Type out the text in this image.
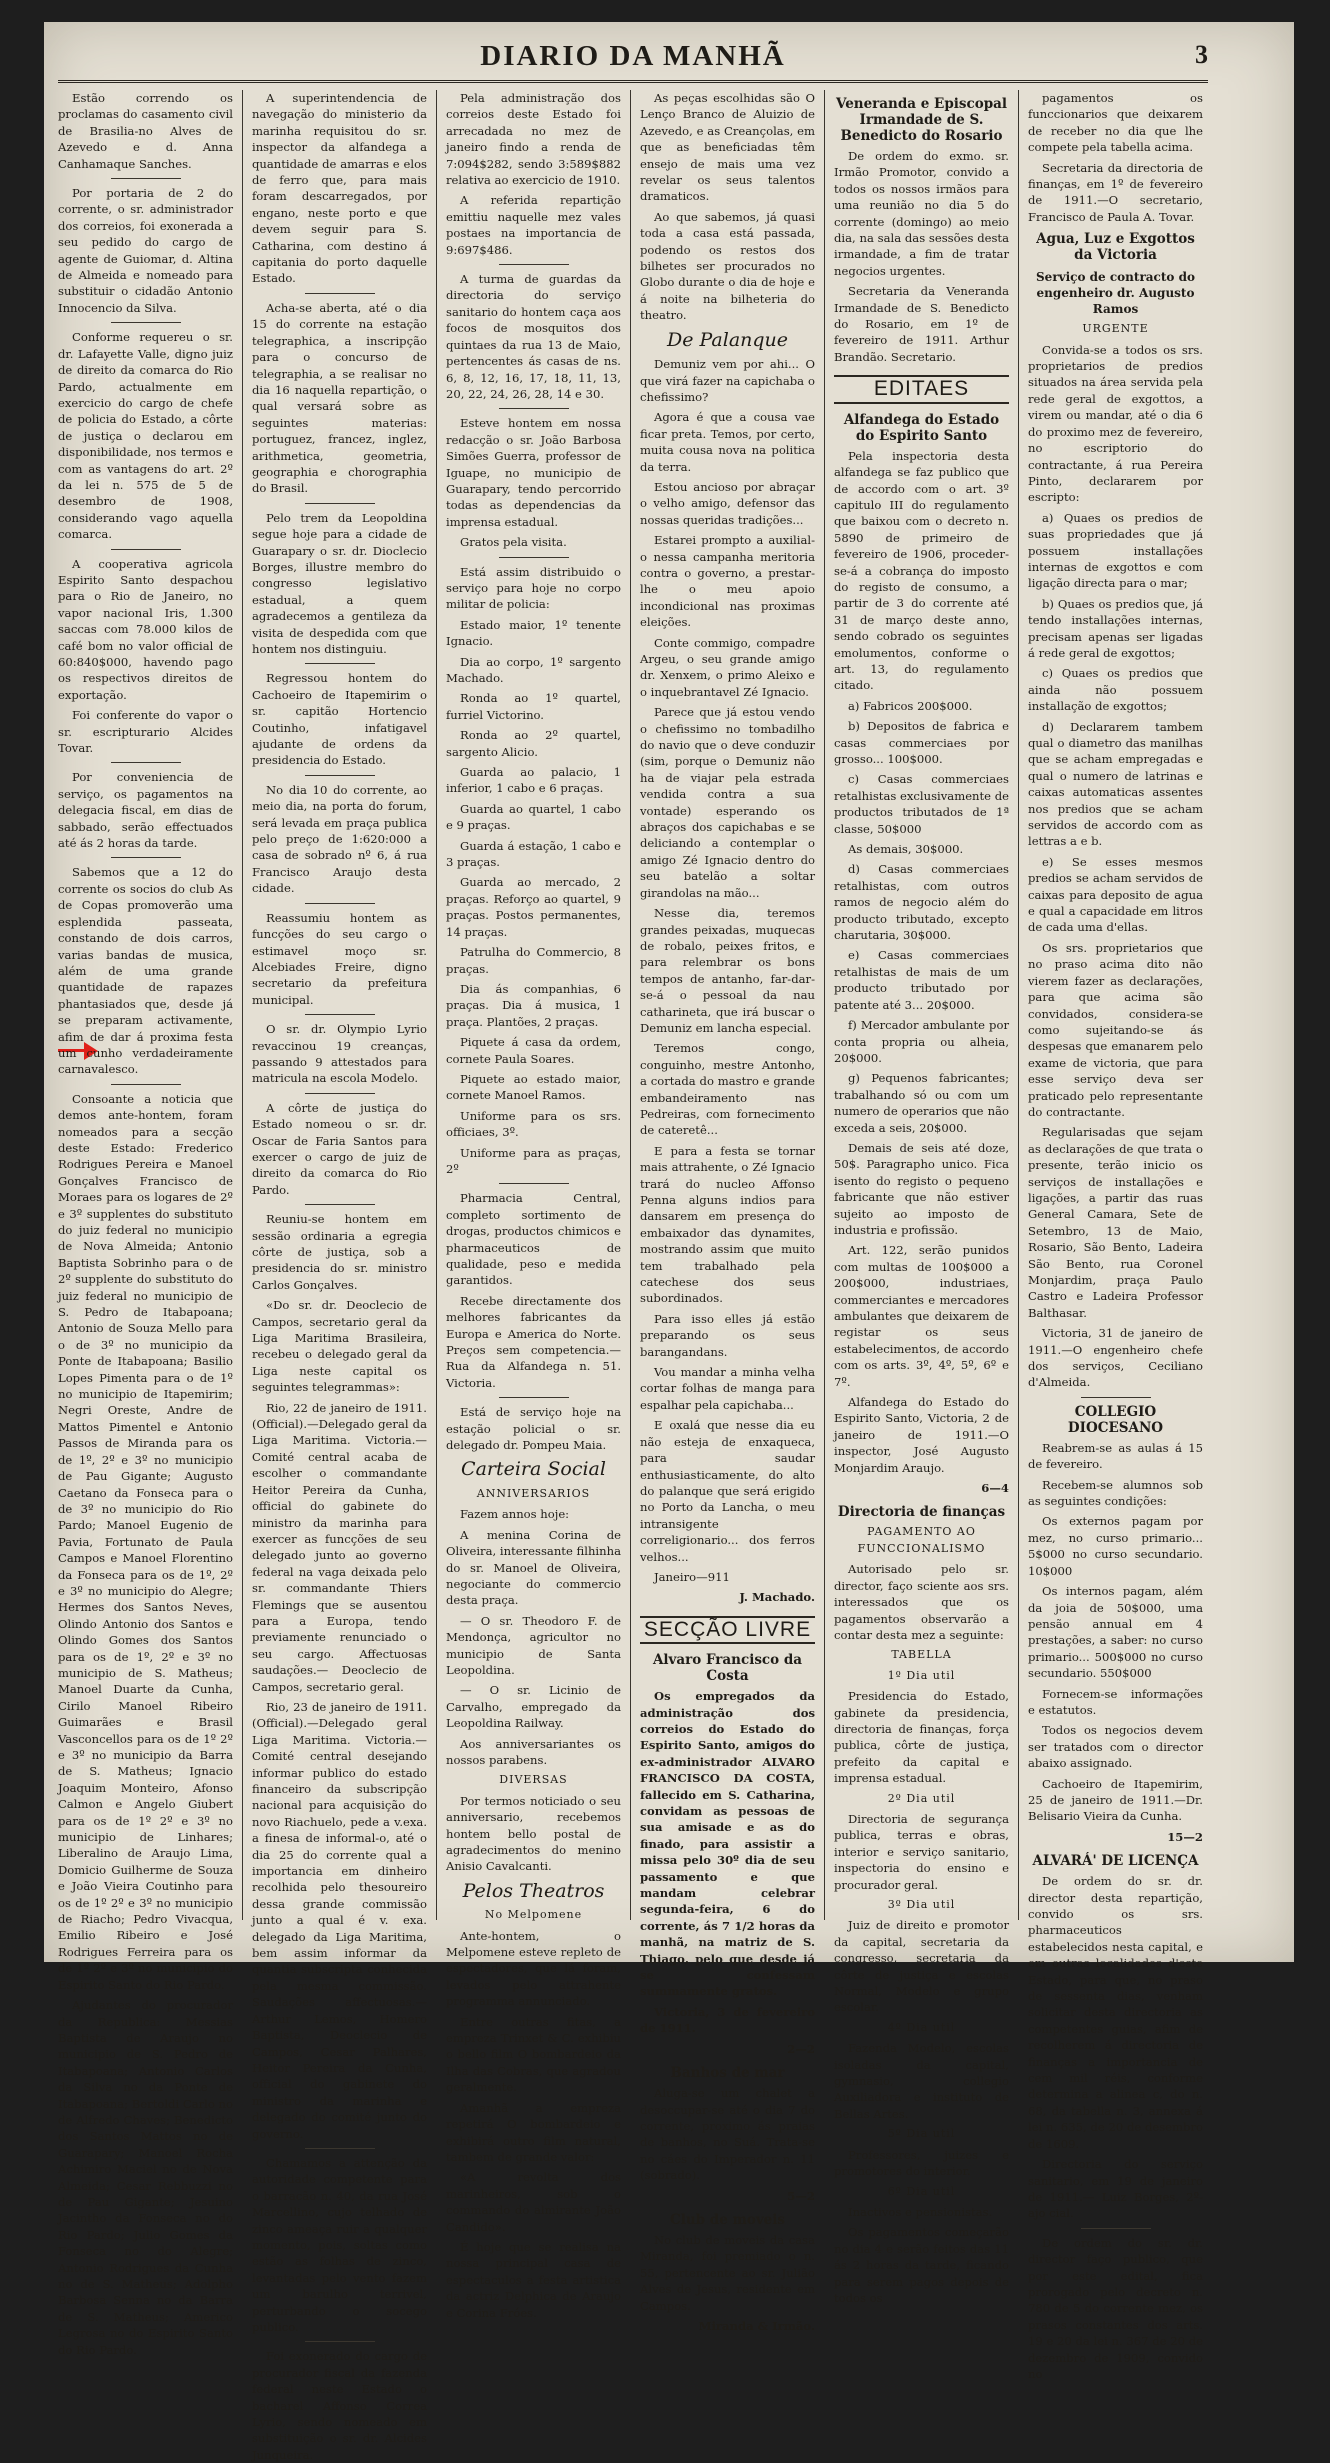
DIARIO DA MANHÃ	3

Estão correndo os proclamas do casamento civil de Brasilia-no Alves de Azevedo e d. Anna Canhamaque Sanches.

Por portaria de 2 do corrente, o sr. administrador dos correios, foi exonerada a seu pedido do cargo de agente de Guiomar, d. Altina de Almeida e nomeado para substituir o cidadão Antonio Innocencio da Silva.

Conforme requereu o sr. dr. Lafayette Valle, digno juiz de direito da comarca do Rio Pardo, actualmente em exercicio do cargo de chefe de policia do Estado, a côrte de justiça o declarou em disponibilidade, nos termos e com as vantagens do art. 2º da lei n. 575 de 5 de desembro de 1908, considerando vago aquella comarca.

A cooperativa agricola Espirito Santo despachou para o Rio de Janeiro, no vapor nacional Iris, 1.300 saccas com 78.000 kilos de café bom no valor official de 60:840$000, havendo pago os respectivos direitos de exportação.

Foi conferente do vapor o sr. escripturario Alcides Tovar.

Por conveniencia de serviço, os pagamentos na delegacia fiscal, em dias de sabbado, serão effectuados até ás 2 horas da tarde.

Sabemos que a 12 do corrente os socios do club As de Copas promoverão uma esplendida passeata, constando de dois carros, varias bandas de musica, além de uma grande quantidade de rapazes phantasiados que, desde já se preparam activamente, afim de dar á proxima festa um cunho verdadeiramente carnavalesco.

Consoante a noticia que demos ante-hontem, foram nomeados para a secção deste Estado: Frederico Rodrigues Pereira e Manoel Gonçalves Francisco de Moraes para os logares de 2º e 3º supplentes do substituto do juiz federal no municipio de Nova Almeida; Antonio Baptista Sobrinho para o de 2º supplente do substituto do juiz federal no municipio de S. Pedro de Itabapoana; Antonio de Souza Mello para o de 3º no municipio da Ponte de Itabapoana; Basilio Lopes Pimenta para o de 1º no municipio de Itapemirim; Negri Oreste, Andre de Mattos Pimentel e Antonio Passos de Miranda para os de 1º, 2º e 3º no municipio de Pau Gigante; Augusto Caetano da Fonseca para o de 3º no municipio do Rio Pardo; Manoel Eugenio de Pavia, Fortunato de Paula Campos e Manoel Florentino da Fonseca para os de 1º, 2º e 3º no municipio do Alegre; Hermes dos Santos Neves, Olindo Antonio dos Santos e Olindo Gomes dos Santos para os de 1º, 2º e 3º no municipio de S. Matheus; Manoel Duarte da Cunha, Cirilo Manoel Ribeiro Guimarães e Brasil Vasconcellos para os de 1º 2º e 3º no municipio da Barra de S. Matheus; Ignacio Joaquim Monteiro, Afonso Calmon e Angelo Giubert para os de 1º 2º e 3º no municipio de Linhares; Liberalino de Araujo Lima, Domicio Guilherme de Souza e João Vieira Coutinho para os de 1º 2º e 3º no municipio de Riacho; Pedro Vivacqua, Emilio Ribeiro e José Rodrigues Ferreira para os de 1º 2º e 3º no municipio do Espirito Santo do Rio Pardo.

Ajudantes do procurador da Republica: Messias Baptista de Araujo no municipio de S. Pedro de Itabapoana; Antonio Carlos da Silva no da Ponte de Itabapoana; Bertoldi Carlo no de Alfredo Chaves; Benedicto dos Santos Mattos no de Guarapary; Manoel Rocha Achimiro Maciel no de Nova Almeida; Cesar Rebbuzzi no de Pau Gigante; Jesuino Jacintho da Fonseca no do Rio Pardo; Julio Gomes da Fonseca no do Alegre; Antonio Rodrigues da Cunha no de S. Matheus; Adolpho Barbosa Senna no da Barra de S. Matheus; Americo Legrosa no do Espirito Santo do Rio Pardo.

A superintendencia de navegação do ministerio da marinha requisitou do sr. inspector da alfandega a quantidade de amarras e elos de ferro que, para mais foram descarregados, por engano, neste porto e que devem seguir para S. Catharina, com destino á capitania do porto daquelle Estado.

Acha-se aberta, até o dia 15 do corrente na estação telegraphica, a inscripção para o concurso de telegraphia, a se realisar no dia 16 naquella repartição, o qual versará sobre as seguintes materias: portuguez, francez, inglez, arithmetica, geometria, geographia e chorographia do Brasil.

Pelo trem da Leopoldina segue hoje para a cidade de Guarapary o sr. dr. Dioclecio Borges, illustre membro do congresso legislativo estadual, a quem agradecemos a gentileza da visita de despedida com que hontem nos distinguiu.

Regressou hontem do Cachoeiro de Itapemirim o sr. capitão Hortencio Coutinho, infatigavel ajudante de ordens da presidencia do Estado.

No dia 10 do corrente, ao meio dia, na porta do forum, será levada em praça publica pelo preço de 1:620:000 a casa de sobrado nº 6, á rua Francisco Araujo desta cidade.

Reassumiu hontem as funcções do seu cargo o estimavel moço sr. Alcebiades Freire, digno secretario da prefeitura municipal.

O sr. dr. Olympio Lyrio revaccinou 19 creanças, passando 9 attestados para matricula na escola Modelo.

A côrte de justiça do Estado nomeou o sr. dr. Oscar de Faria Santos para exercer o cargo de juiz de direito da comarca do Rio Pardo.

Reuniu-se hontem em sessão ordinaria a egregia côrte de justiça, sob a presidencia do sr. ministro Carlos Gonçalves.

«Do sr. dr. Deoclecio de Campos, secretario geral da Liga Maritima Brasileira, recebeu o delegado geral da Liga neste capital os seguintes telegrammas»:

Rio, 22 de janeiro de 1911. (Official).—Delegado geral da Liga Maritima. Victoria.—Comité central acaba de escolher o commandante Heitor Pereira da Cunha, official do gabinete do ministro da marinha para exercer as funcções de seu delegado junto ao governo federal na vaga deixada pelo sr. commandante Thiers Flemings que se ausentou para a Europa, tendo previamente renunciado o seu cargo. Affectuosas saudações.— Deoclecio de Campos, secretario geral.

Rio, 23 de janeiro de 1911. (Official).—Delegado geral Liga Maritima. Victoria.—Comité central desejando informar publico do estado financeiro da subscripção nacional para acquisição do novo Riachuelo, pede a v.exa. a finesa de informal-o, até o dia 25 do corrente qual a importancia em dinheiro recolhida pelo thesoureiro dessa grande commissão junto a qual é v. exa. delegado da Liga Maritima, bem assim informar da quantia subscripta conhecida pela mesma commissão. Saudações affectuosas.—Arthur Lemos, Homero Baptista, Deoclecio de Campos, Cesar Palhares, Heitor Pereira da Cunha, official do gabinete do ministro da marinha e delegado do comité junto do governo.

Chamamos a attenção da autoridade competente para o barracão n. 40, da rua José Marcellino, cujo telhado de zinco ameaça ruir a qualquer momento, pois, soltas como estão as folhas de zinco, levantadas pelo vento fazem um barulho terrivel, perturbando o socego publico.

Foi exonerado do cargo de procurador fiscal da fazenda federal neste Estado o bacharel Affonso Correa Lyrio, sendo nomeado em substituição o sr. dr. Alcides Junqueira.

Pela administração dos correios deste Estado foi arrecadada no mez de janeiro findo a renda de 7:094$282, sendo 3:589$882 relativa ao exercicio de 1910.

A referida repartição emittiu naquelle mez vales postaes na importancia de 9:697$486.

A turma de guardas da directoria do serviço sanitario do hontem caça aos focos de mosquitos dos quintaes da rua 13 de Maio, pertencentes ás casas de ns. 6, 8, 12, 16, 17, 18, 11, 13, 20, 22, 24, 26, 28, 14 e 30.

Esteve hontem em nossa redacção o sr. João Barbosa Simões Guerra, professor de Iguape, no municipio de Guarapary, tendo percorrido todas as dependencias da imprensa estadual.

Gratos pela visita.

Está assim distribuido o serviço para hoje no corpo militar de policia:

Estado maior, 1º tenente Ignacio.

Dia ao corpo, 1º sargento Machado.

Ronda ao 1º quartel, furriel Victorino.

Ronda ao 2º quartel, sargento Alicio.

Guarda ao palacio, 1 inferior, 1 cabo e 6 praças.

Guarda ao quartel, 1 cabo e 9 praças.

Guarda á estação, 1 cabo e 3 praças.

Guarda ao mercado, 2 praças. Reforço ao quartel, 9 praças. Postos permanentes, 14 praças.

Patrulha do Commercio, 8 praças.

Dia ás companhias, 6 praças. Dia á musica, 1 praça. Plantões, 2 praças.

Piquete á casa da ordem, cornete Paula Soares.

Piquete ao estado maior, cornete Manoel Ramos.

Uniforme para os srs. officiaes, 3º.

Uniforme para as praças, 2º

Pharmacia Central, completo sortimento de drogas, productos chimicos e pharmaceuticos de qualidade, peso e medida garantidos.

Recebe directamente dos melhores fabricantes da Europa e America do Norte. Preços sem competencia.—Rua da Alfandega n. 51. Victoria.

Está de serviço hoje na estação policial o sr. delegado dr. Pompeu Maia.

Carteira Social
ANNIVERSARIOS

Fazem annos hoje:

A menina Corina de Oliveira, interessante filhinha do sr. Manoel de Oliveira, negociante do commercio desta praça.

— O sr. Theodoro F. de Mendonça, agricultor no municipio de Santa Leopoldina.

— O sr. Licinio de Carvalho, empregado da Leopoldina Railway.

Aos anniversariantes os nossos parabens.

DIVERSAS

Por termos noticiado o seu anniversario, recebemos hontem bello postal de agradecimentos do menino Anisio Cavalcanti.

Pelos Theatros
No Melpomene

Ante-hontem, o Melpomene esteve repleto de espectadores, que lá foram, levados pelo attrahente programma annunciado.

Entre outras fitas, a empreza Trinxet & C. exhibiu o bello film O bombardeio da Ilha das Cobras, que agradou geralmente.

Amanhã a empreza repetirá O bombardeio e exhibirá outro film natural, tambem de grande valor:

«A revolta dos marinheiros, sob o commando do almirante João Candido».

É hoje que se realisa na nossa principal casa de espectaculos a festa artistica da actriz Delphica de Araujo e Corina Fróes.

As peças escolhidas são O Lenço Branco de Aluizio de Azevedo, e as Creançolas, em que as beneficiadas têm ensejo de mais uma vez revelar os seus talentos dramaticos.

Ao que sabemos, já quasi toda a casa está passada, podendo os restos dos bilhetes ser procurados no Globo durante o dia de hoje e á noite na bilheteria do theatro.

De Palanque

Demuniz vem por ahi... O que virá fazer na capichaba o chefissimo?

Agora é que a cousa vae ficar preta. Temos, por certo, muita cousa nova na politica da terra.

Estou ancioso por abraçar o velho amigo, defensor das nossas queridas tradições...

Estarei prompto a auxilial-o nessa campanha meritoria contra o governo, a prestar-lhe o meu apoio incondicional nas proximas eleições.

Conte commigo, compadre Argeu, o seu grande amigo dr. Xenxem, o primo Aleixo e o inquebrantavel Zé Ignacio.

Parece que já estou vendo o chefissimo no tombadilho do navio que o deve conduzir (sim, porque o Demuniz não ha de viajar pela estrada vendida contra a sua vontade) esperando os abraços dos capichabas e se deliciando a contemplar o amigo Zé Ignacio dentro do seu batelão a soltar girandolas na mão...

Nesse dia, teremos grandes peixadas, muquecas de robalo, peixes fritos, e para relembrar os bons tempos de antanho, far-dar-se-á o pessoal da nau catharineta, que irá buscar o Demuniz em lancha especial.

Teremos congo, conguinho, mestre Antonho, a cortada do mastro e grande embandeiramento nas Pedreiras, com fornecimento de cateretê...

E para a festa se tornar mais attrahente, o Zé Ignacio trará do nucleo Affonso Penna alguns indios para dansarem em presença do embaixador das dynamites, mostrando assim que muito tem trabalhado pela catechese dos seus subordinados.

Para isso elles já estão preparando os seus barangandans.

Vou mandar a minha velha cortar folhas de manga para espalhar pela capichaba...

E oxalá que nesse dia eu não esteja de enxaqueca, para saudar enthusiasticamente, do alto do palanque que será erigido no Porto da Lancha, o meu intransigente correligionario... dos ferros velhos...

Janeiro—911

J. Machado.
SECÇÃO LIVRE
Alvaro Francisco da Costa

Os empregados da administração dos correios do Estado do Espirito Santo, amigos do ex-administrador ALVARO FRANCISCO DA COSTA, fallecido em S. Catharina, convidam as pessoas de sua amisade e as do finado, para assistir a missa pelo 30º dia de seu passamento e que mandam celebrar segunda-feira, 6 do corrente, ás 7 1/2 horas da manhã, na matriz de S. Thiago, pelo que desde já se confessam summamente gratos.

Victoria, 3 de fevereiro de 1911.

2—2
Banhos de mar

Aluga-se um chalet a desoccupar-se até o dia 7 do corrente, proximo ás praias de banhos, no Suá. Trata-se no cáes do Imperador n. 11 (sobrado).

5—2
Club de moveis

No club de moveis da casa Miranda, foi premiado o n. 55, pertencente ao sr. Julião Alves de Jesus, residente em Campos.

Miranda & Irmão.
Veneranda e Episcopal Irmandade de S. Benedicto do Rosario

De ordem do exmo. sr. Irmão Promotor, convido a todos os nossos irmãos para uma reunião no dia 5 do corrente (domingo) ao meio dia, na sala das sessões desta irmandade, a fim de tratar negocios urgentes.

Secretaria da Veneranda Irmandade de S. Benedicto do Rosario, em 1º de fevereiro de 1911. Arthur Brandão. Secretario.

EDITAES
Alfandega do Estado do Espirito Santo

Pela inspectoria desta alfandega se faz publico que de accordo com o art. 3º capitulo III do regulamento que baixou com o decreto n. 5890 de primeiro de fevereiro de 1906, proceder-se-á a cobrança do imposto do registo de consumo, a partir de 3 do corrente até 31 de março deste anno, sendo cobrado os seguintes emolumentos, conforme o art. 13, do regulamento citado.

a) Fabricos 200$000.

b) Depositos de fabrica e casas commerciaes por grosso... 100$000.

c) Casas commerciaes retalhistas exclusivamente de productos tributados de 1ª classe, 50$000

As demais, 30$000.

d) Casas commerciaes retalhistas, com outros ramos de negocio além do producto tributado, excepto charutaria, 30$000.

e) Casas commerciaes retalhistas de mais de um producto tributado por patente até 3... 20$000.

f) Mercador ambulante por conta propria ou alheia, 20$000.

g) Pequenos fabricantes; trabalhando só ou com um numero de operarios que não exceda a seis, 20$000.

Demais de seis até doze, 50$. Paragrapho unico. Fica isento do registo o pequeno fabricante que não estiver sujeito ao imposto de industria e profissão.

Art. 122, serão punidos com multas de 100$000 a 200$000, industriaes, commerciantes e mercadores ambulantes que deixarem de registar os seus estabelecimentos, de accordo com os arts. 3º, 4º, 5º, 6º e 7º.

Alfandega do Estado do Espirito Santo, Victoria, 2 de janeiro de 1911.—O inspector, José Augusto Monjardim Araujo.

6—4
Directoria de finanças
PAGAMENTO AO FUNCCIONALISMO

Autorisado pelo sr. director, faço sciente aos srs. interessados que os pagamentos observarão a contar desta mez a seguinte:

TABELLA
1º Dia util

Presidencia do Estado, gabinete da presidencia, directoria de finanças, força publica, côrte de justiça, prefeito da capital e imprensa estadual.

2º Dia util

Directoria de segurança publica, terras e obras, interior e serviço sanitario, inspectoria do ensino e procurador geral.

3º Dia util

Juiz de direito e promotor da capital, secretaria da congresso, secretaria da côrte de justiça e escolas Normal, Modelo e grupo escolar.

4º Dia util

Fazenda Modelo, escolas isoladas da capital, gymnasio, collegio Auxiliadora e instituto de Bellas Artes.

5º Dia util

Professores, juizes e promotores do interior.

6º Dia util

Inactivos e pensionistas.

Os pagamentos começarão no dia 4 e serão feitos das 11 ás 2 horas da tarde, ficando para serem pagos depois de todos os

pagamentos os funccionarios que deixarem de receber no dia que lhe compete pela tabella acima.

Secretaria da directoria de finanças, em 1º de fevereiro de 1911.—O secretario, Francisco de Paula A. Tovar.

Agua, Luz e Exgottos da Victoria
Serviço de contracto do engenheiro dr. Augusto Ramos
URGENTE

Convida-se a todos os srs. proprietarios de predios situados na área servida pela rede geral de exgottos, a virem ou mandar, até o dia 6 do proximo mez de fevereiro, no escriptorio do contractante, á rua Pereira Pinto, declararem por escripto:

a) Quaes os predios de suas propriedades que já possuem installações internas de exgottos e com ligação directa para o mar;

b) Quaes os predios que, já tendo installações internas, precisam apenas ser ligadas á rede geral de exgottos;

c) Quaes os predios que ainda não possuem installação de exgottos;

d) Declararem tambem qual o diametro das manilhas que se acham empregadas e qual o numero de latrinas e caixas automaticas assentes nos predios que se acham servidos de accordo com as lettras a e b.

e) Se esses mesmos predios se acham servidos de caixas para deposito de agua e qual a capacidade em litros de cada uma d'ellas.

Os srs. proprietarios que no praso acima dito não vierem fazer as declarações, para que acima são convidados, considera-se como sujeitando-se ás despesas que emanarem pelo exame de victoria, que para esse serviço deva ser praticado pelo representante do contractante.

Regularisadas que sejam as declarações de que trata o presente, terão inicio os serviços de installações e ligações, a partir das ruas General Camara, Sete de Setembro, 13 de Maio, Rosario, São Bento, Ladeira São Bento, rua Coronel Monjardim, praça Paulo Castro e Ladeira Professor Balthasar.

Victoria, 31 de janeiro de 1911.—O engenheiro chefe dos serviços, Ceciliano d'Almeida.

COLLEGIO DIOCESANO

Reabrem-se as aulas á 15 de fevereiro.

Recebem-se alumnos sob as seguintes condições:

Os externos pagam por mez, no curso primario... 5$000 no curso secundario. 10$000

Os internos pagam, além da joia de 50$000, uma pensão annual em 4 prestações, a saber: no curso primario... 500$000 no curso secundario. 550$000

Fornecem-se informações e estatutos.

Todos os negocios devem ser tratados com o director abaixo assignado.

Cachoeiro de Itapemirim, 25 de janeiro de 1911.—Dr. Belisario Vieira da Cunha.

15—2
ALVARÁ' DE LICENÇA

De ordem do sr. dr. director desta repartição, convido os srs. pharmaceuticos estabelecidos nesta capital, e em outras localidades d'este Estado, para que, no praso de sessenta dias, venham solicitar desta directoria as competentes guias, afim de recolherem á directoria de finanças a importancia de cem mil réis, conforme determina a alinea c, do n. 68, da tabella n. 3, annexa á lei n. 635, de 20 de desembro de 1609.

Directoria do serviço sanitario, em 19 de janeiro de 1911.— Luiz Borges, 2º-ajo cial.

De ordem do sr. dr. director faço publico, que por este edital, fica prorogado pelo decreto n. 780 de 5 do corrente mez, os prasos constantes dos arts. 19 e 20 da lei n. 367 de 20 de dezembro de 1909, convido no
